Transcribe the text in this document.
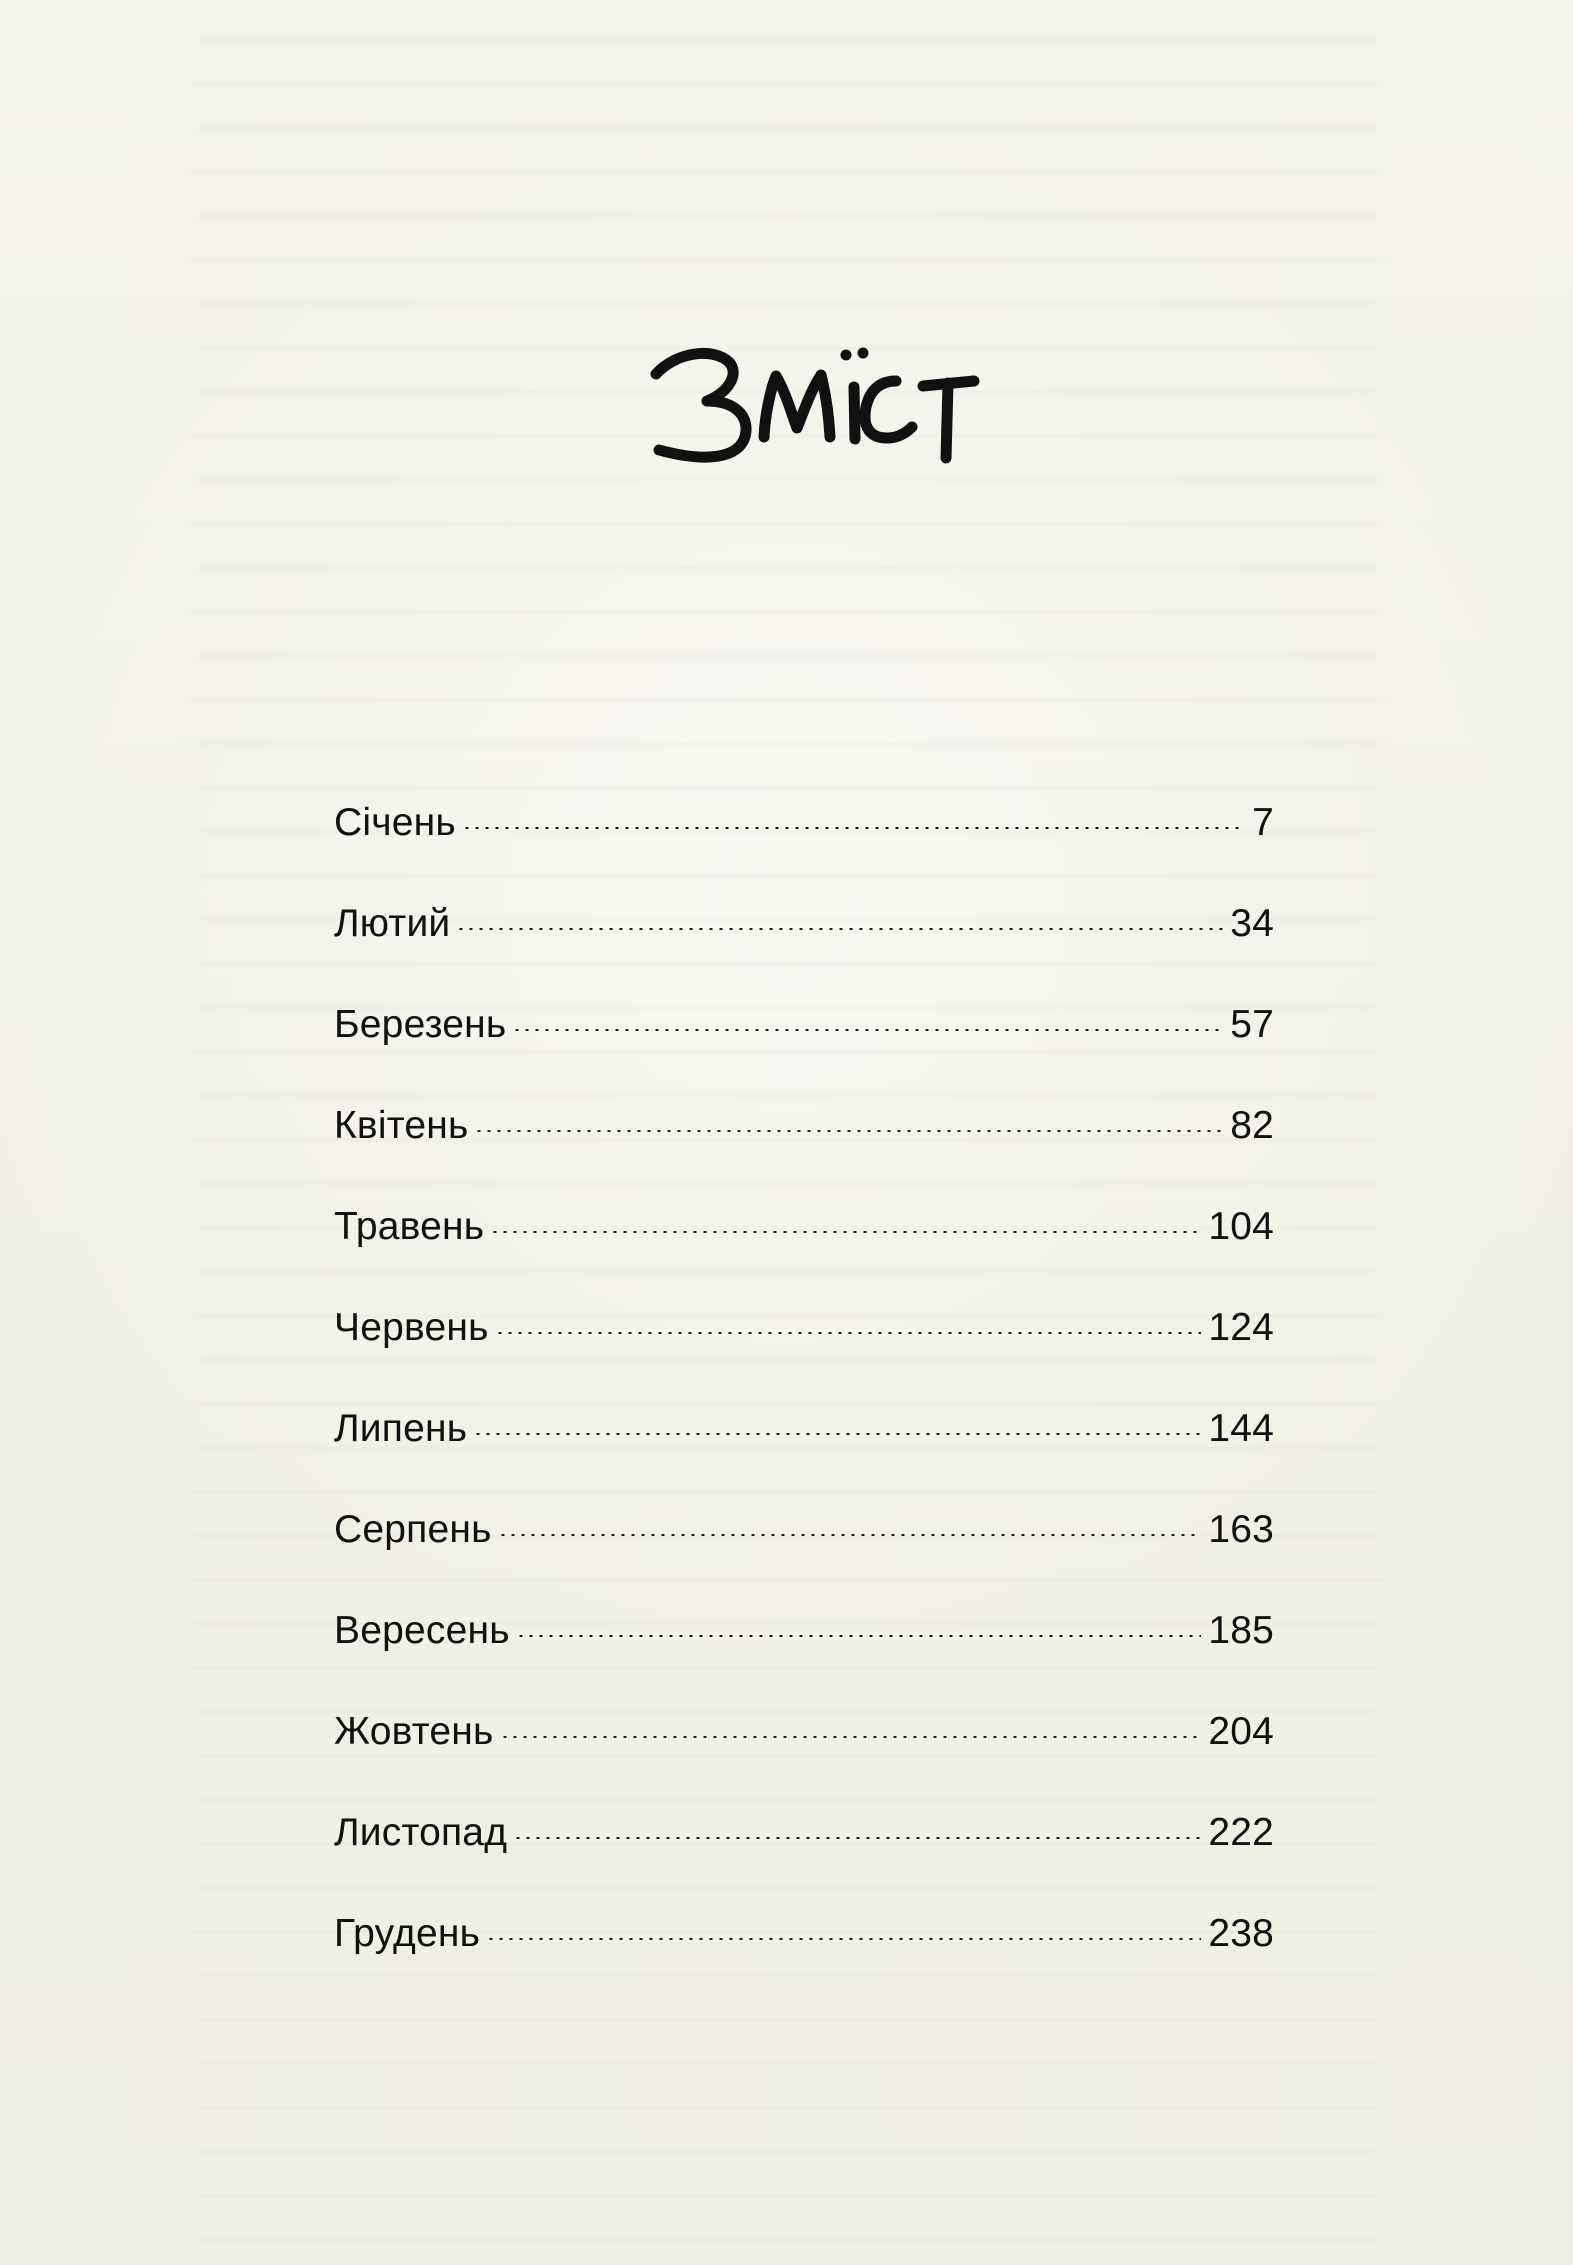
Січень	7
Лютий	34
Березень	57
Квітень	82
Травень	104
Червень	124
Липень	144
Серпень	163
Вересень	185
Жовтень	204
Листопад	222
Грудень	238
